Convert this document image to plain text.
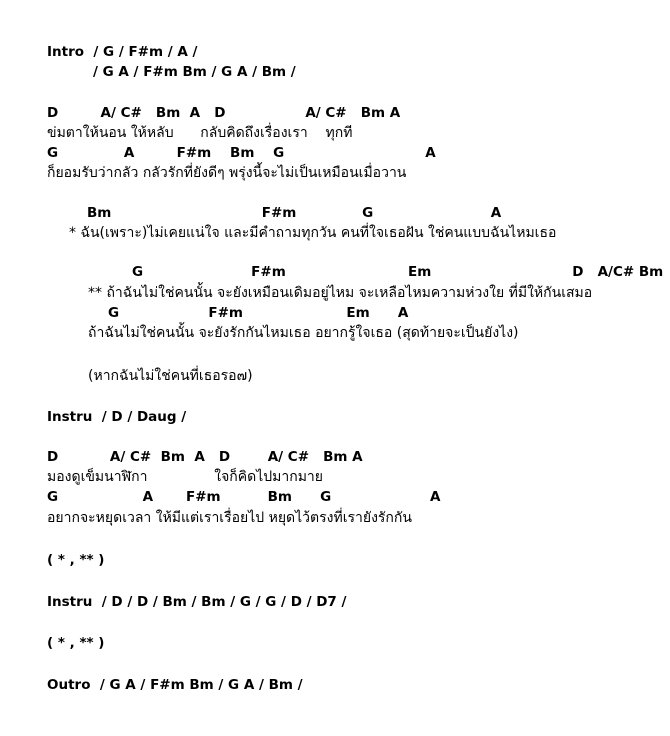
Intro  / G / F#m / A /
/ G A / F#m Bm / G A / Bm /
D         A/ C#   Bm  A   D                 A/ C#   Bm A
ข่มตาให้นอน ให้หลับ      กลับคิดถึงเรื่องเรา    ทุกที
G              A         F#m    Bm    G                              A
ก็ยอมรับว่ากลัว กลัวรักที่ยังดีๆ พรุ่งนี้จะไม่เป็นเหมือนเมื่อวาน
Bm                                F#m              G                         A
* ฉัน(เพราะ)ไม่เคยแน่ใจ และมีคำถามทุกวัน คนที่ใจเธอฝัน ใช่คนแบบฉันไหมเธอ
G                       F#m                          Em                              D   A/C# Bm
** ถ้าฉันไม่ใช่คนนั้น จะยังเหมือนเดิมอยู่ไหม จะเหลือไหมความห่วงใย ที่มีให้กันเสมอ
G                   F#m                      Em      A
ถ้าฉันไม่ใช่คนนั้น จะยังรักกันไหมเธอ อยากรู้ใจเธอ (สุดท้ายจะเป็นยังไง)
(หากฉันไม่ใช่คนที่เธอรอ๗)
Instru  / D / Daug /
D           A/ C#  Bm  A   D        A/ C#   Bm A
มองดูเข็มนาฬิกา               ใจก็คิดไปมากมาย
G                  A       F#m          Bm      G                     A
อยากจะหยุดเวลา ให้มีแต่เราเรื่อยไป หยุดไว้ตรงที่เรายังรักกัน
( * , ** )
Instru  / D / D / Bm / Bm / G / G / D / D7 /
( * , ** )
Outro  / G A / F#m Bm / G A / Bm /
